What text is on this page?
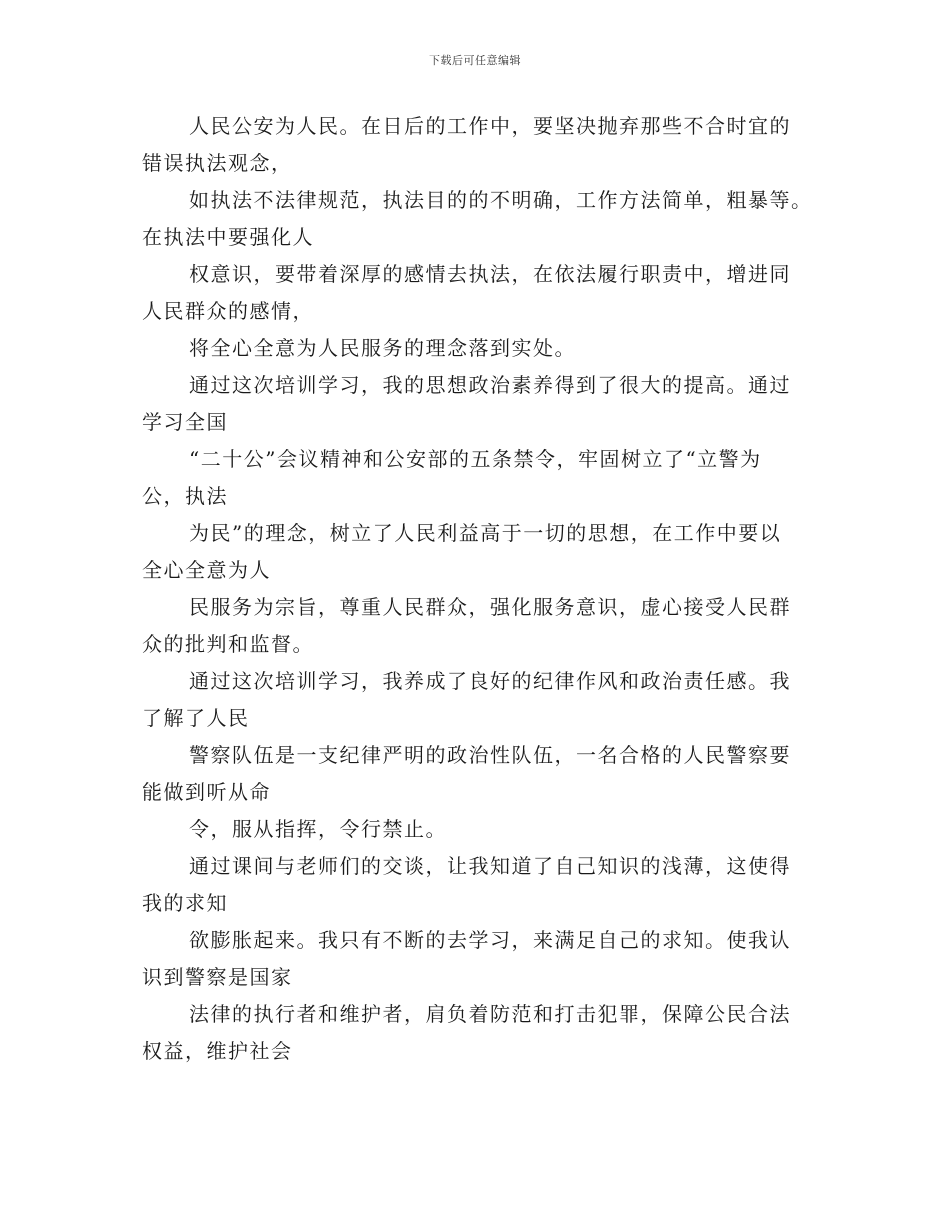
下载后可任意编辑
人民公安为人民。在日后的工作中，要坚决抛弃那些不合时宜的
错误执法观念，
如执法不法律规范，执法目的的不明确，工作方法简单，粗暴等。
在执法中要强化人
权意识，要带着深厚的感情去执法，在依法履行职责中，增进同
人民群众的感情，
将全心全意为人民服务的理念落到实处。
通过这次培训学习，我的思想政治素养得到了很大的提高。通过
学习全国
“二十公”会议精神和公安部的五条禁令，牢固树立了“立警为
公，执法
为民”的理念，树立了人民利益高于一切的思想，在工作中要以
全心全意为人
民服务为宗旨，尊重人民群众，强化服务意识，虚心接受人民群
众的批判和监督。
通过这次培训学习，我养成了良好的纪律作风和政治责任感。我
了解了人民
警察队伍是一支纪律严明的政治性队伍，一名合格的人民警察要
能做到听从命
令，服从指挥，令行禁止。
通过课间与老师们的交谈，让我知道了自己知识的浅薄，这使得
我的求知
欲膨胀起来。我只有不断的去学习，来满足自己的求知。使我认
识到警察是国家
法律的执行者和维护者，肩负着防范和打击犯罪，保障公民合法
权益，维护社会
